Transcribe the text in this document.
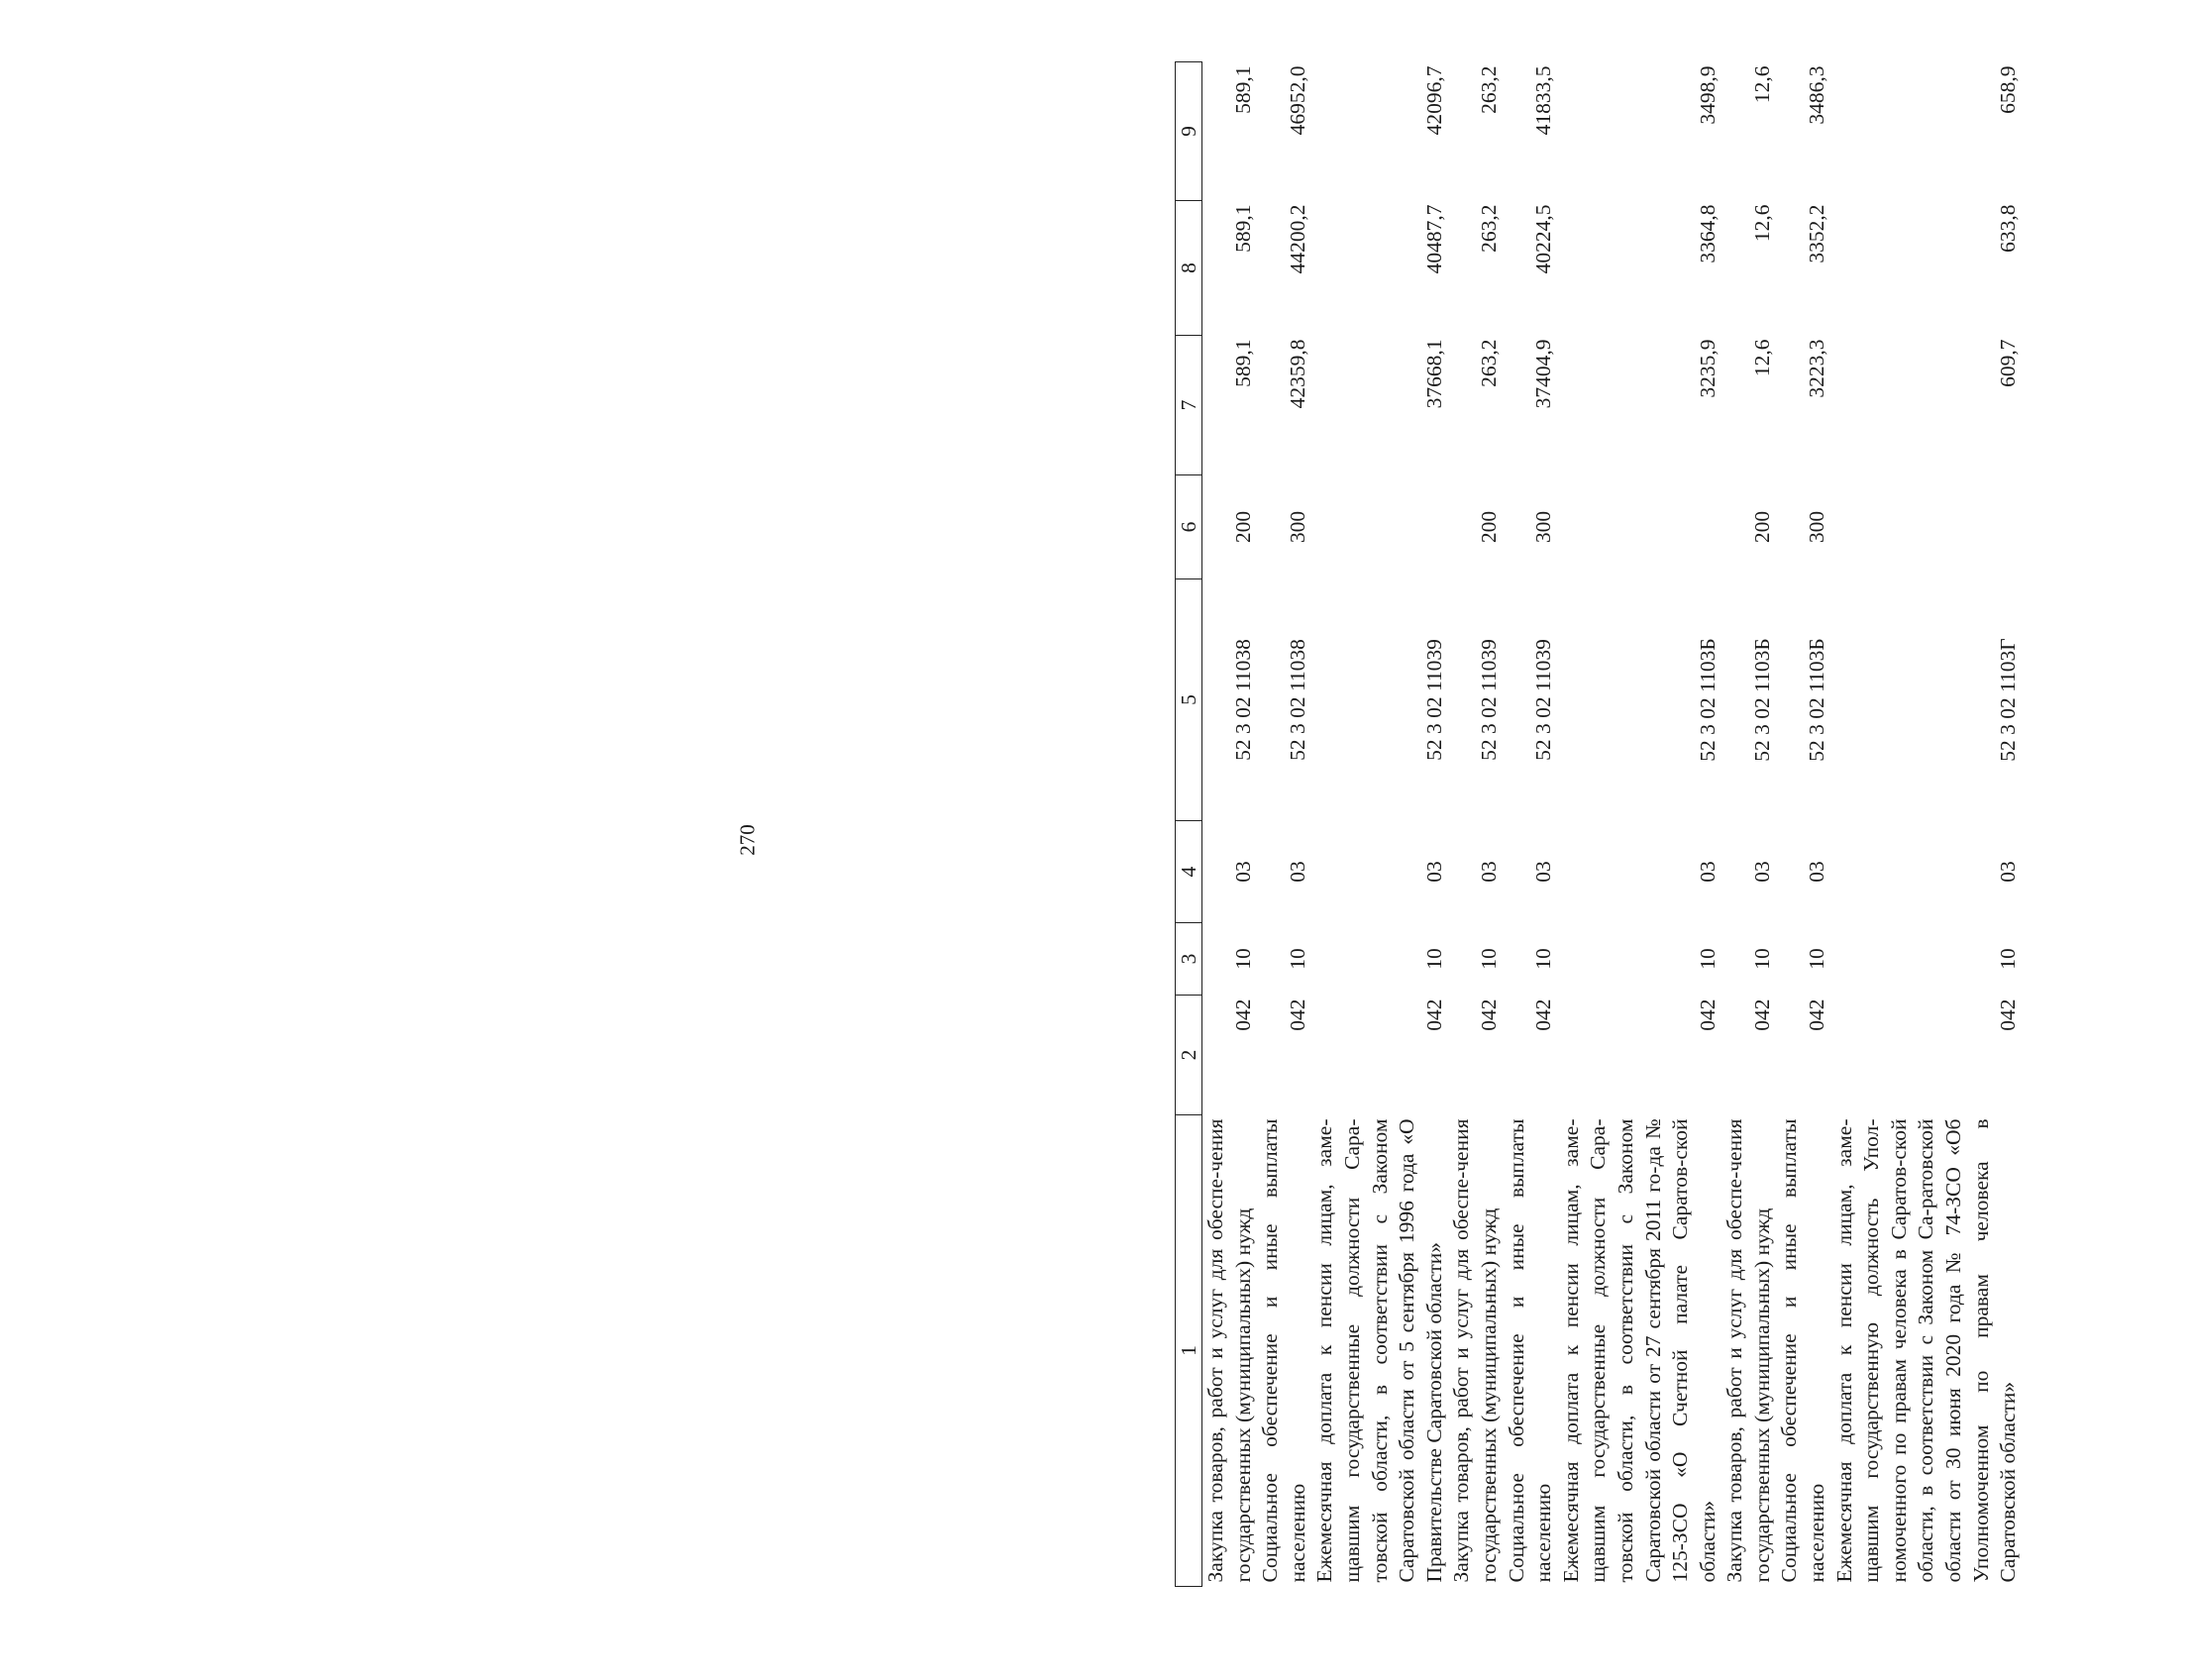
270
1	2	3	4	5	6	7	8	9
Закупка товаров, работ и услуг для обеспе-чения государственных (муниципальных) нужд	042	10	03	52 3 02 11038	200	589,1	589,1	589,1
Социальное обеспечение и иные выплаты населению	042	10	03	52 3 02 11038	300	42359,8	44200,2	46952,0
Ежемесячная доплата к пенсии лицам, заме-щавшим государственные должности Сара-товской области, в соответствии с Законом Саратовской области от 5 сентября 1996 года «О Правительстве Саратовской области»	042	10	03	52 3 02 11039		37668,1	40487,7	42096,7
Закупка товаров, работ и услуг для обеспе-чения государственных (муниципальных) нужд	042	10	03	52 3 02 11039	200	263,2	263,2	263,2
Социальное обеспечение и иные выплаты населению	042	10	03	52 3 02 11039	300	37404,9	40224,5	41833,5
Ежемесячная доплата к пенсии лицам, заме-щавшим государственные должности Сара-товской области, в соответствии с Законом Саратовской области от 27 сентября 2011 го-да № 125-ЗСО «О Счетной палате Саратов-ской области»	042	10	03	52 3 02 1103Б		3235,9	3364,8	3498,9
Закупка товаров, работ и услуг для обеспе-чения государственных (муниципальных) нужд	042	10	03	52 3 02 1103Б	200	12,6	12,6	12,6
Социальное обеспечение и иные выплаты населению	042	10	03	52 3 02 1103Б	300	3223,3	3352,2	3486,3
Ежемесячная доплата к пенсии лицам, заме-щавшим государственную должность Упол-номоченного по правам человека в Саратов-ской области, в соответствии с Законом Са-ратовской области от 30 июня 2020 года № 74-ЗСО «Об Уполномоченном по правам человека в Саратовской области»	042	10	03	52 3 02 1103Г		609,7	633,8	658,9
